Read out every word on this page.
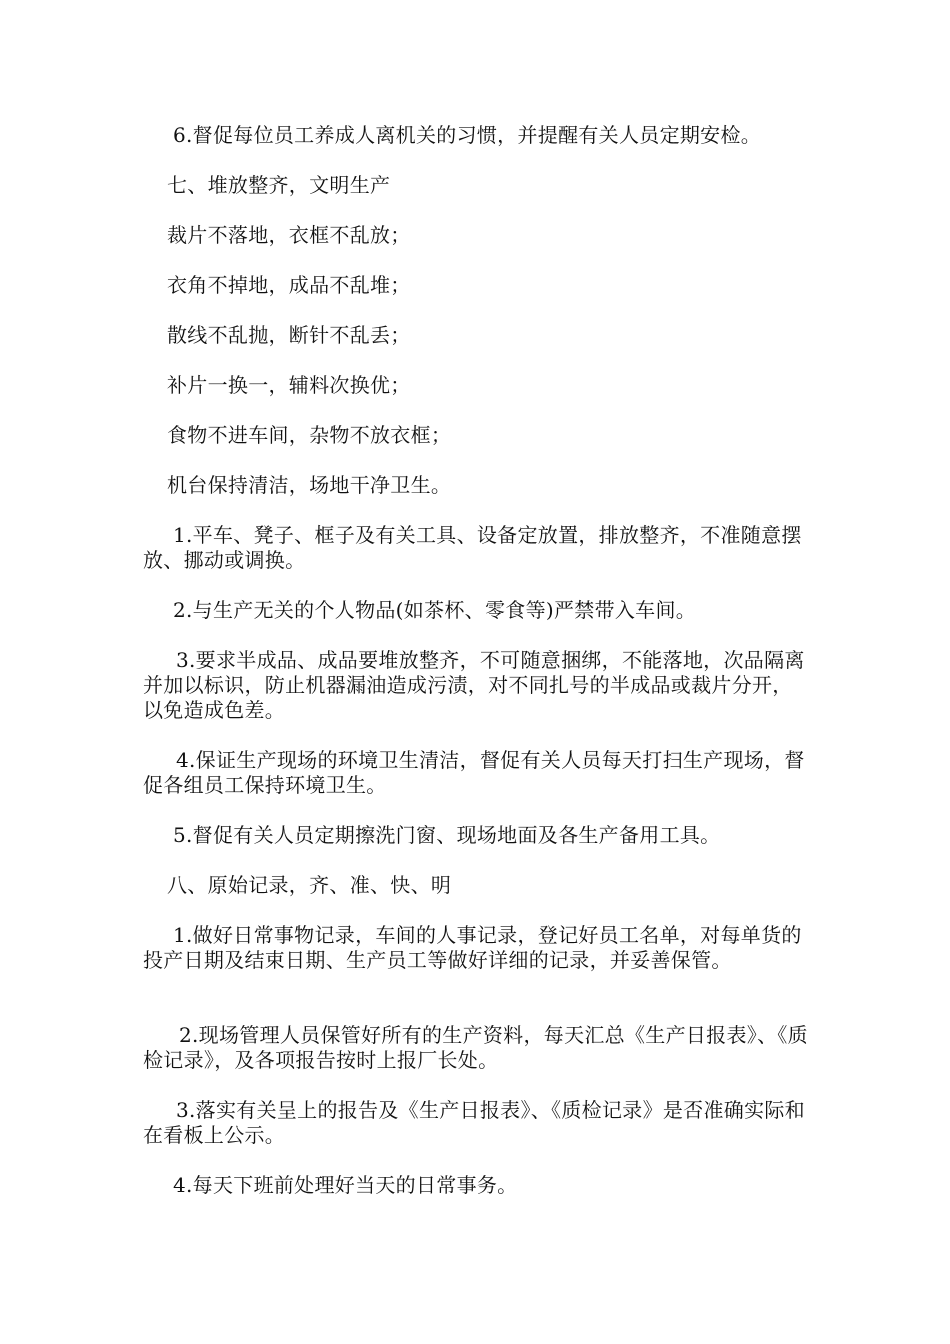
6.督促每位员工养成人离机关的习惯，并提醒有关人员定期安检。

七、堆放整齐，文明生产

裁片不落地，衣框不乱放；

衣角不掉地，成品不乱堆；

散线不乱抛，断针不乱丢；

补片一换一，辅料次换优；

食物不进车间，杂物不放衣框；

机台保持清洁，场地干净卫生。

1.平车、凳子、框子及有关工具、设备定放置，排放整齐，不准随意摆放、挪动或调换。

2.与生产无关的个人物品(如茶杯、零食等)严禁带入车间。

3.要求半成品、成品要堆放整齐，不可随意捆绑，不能落地，次品隔离并加以标识，防止机器漏油造成污渍，对不同扎号的半成品或裁片分开，以免造成色差。

4.保证生产现场的环境卫生清洁，督促有关人员每天打扫生产现场，督促各组员工保持环境卫生。

5.督促有关人员定期擦洗门窗、现场地面及各生产备用工具。

八、原始记录，齐、准、快、明

1.做好日常事物记录，车间的人事记录，登记好员工名单，对每单货的投产日期及结束日期、生产员工等做好详细的记录，并妥善保管。

2.现场管理人员保管好所有的生产资料，每天汇总《生产日报表》、《质检记录》，及各项报告按时上报厂长处。

3.落实有关呈上的报告及《生产日报表》、《质检记录》是否准确实际和在看板上公示。

4.每天下班前处理好当天的日常事务。
